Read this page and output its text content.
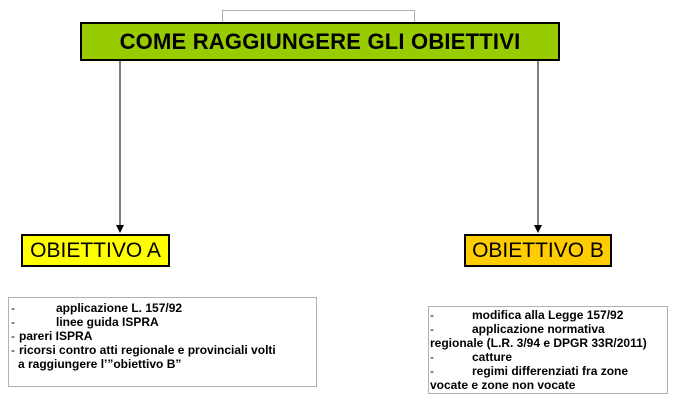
COME RAGGIUNGERE GLI OBIETTIVI
OBIETTIVO A	OBIETTIVO B
-	applicazione L. 157/92
-	linee guida ISPRA
- pareri ISPRA
- ricorsi contro atti regionale e provinciali volti
a raggiungere l’”obiettivo B”
-	modifica alla Legge 157/92
-	applicazione normativa
regionale (L.R. 3/94 e DPGR 33R/2011)
-	catture
-	regimi differenziati fra zone
vocate e zone non vocate
